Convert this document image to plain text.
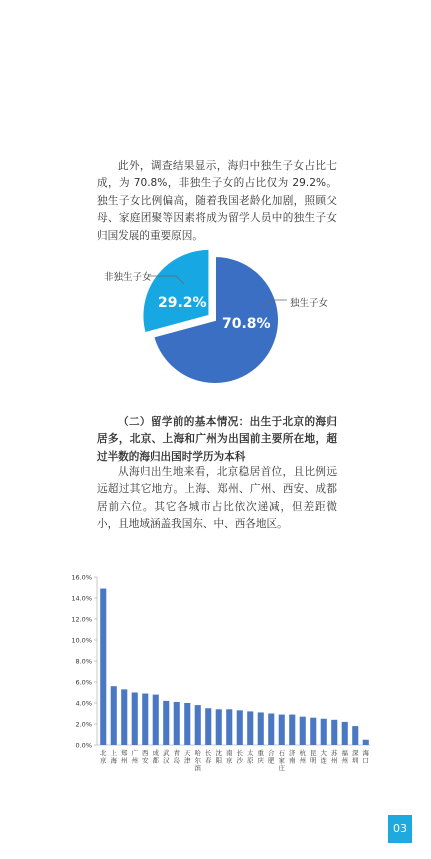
此外，调查结果显示，海归中独生子女占比七成，为 70.8%，非独生子女的占比仅为 29.2%。独生子女比例偏高，随着我国老龄化加剧，照顾父母、家庭团聚等因素将成为留学人员中的独生子女归国发展的重要原因。

非独生子女
独生子女
29.2%
70.8%

（二）留学前的基本情况：出生于北京的海归居多，北京、上海和广州为出国前主要所在地，超过半数的海归出国时学历为本科

从海归出生地来看，北京稳居首位，且比例远远超过其它地方。上海、郑州、广州、西安、成都居前六位。其它各城市占比依次递减，但差距微小，且地域涵盖我国东、中、西各地区。

0.0%
2.0%
4.0%
6.0%
8.0%
10.0%
12.0%
14.0%
16.0%
北
京
上
海
郑
州
广
州
西
安
成
都
武
汉
青
岛
天
津
哈
尔
滨
长
春
沈
阳
南
京
长
沙
太
原
重
庆
合
肥
石
家
庄
济
南
杭
州
昆
明
大
连
苏
州
福
州
深
圳
海
口
03
